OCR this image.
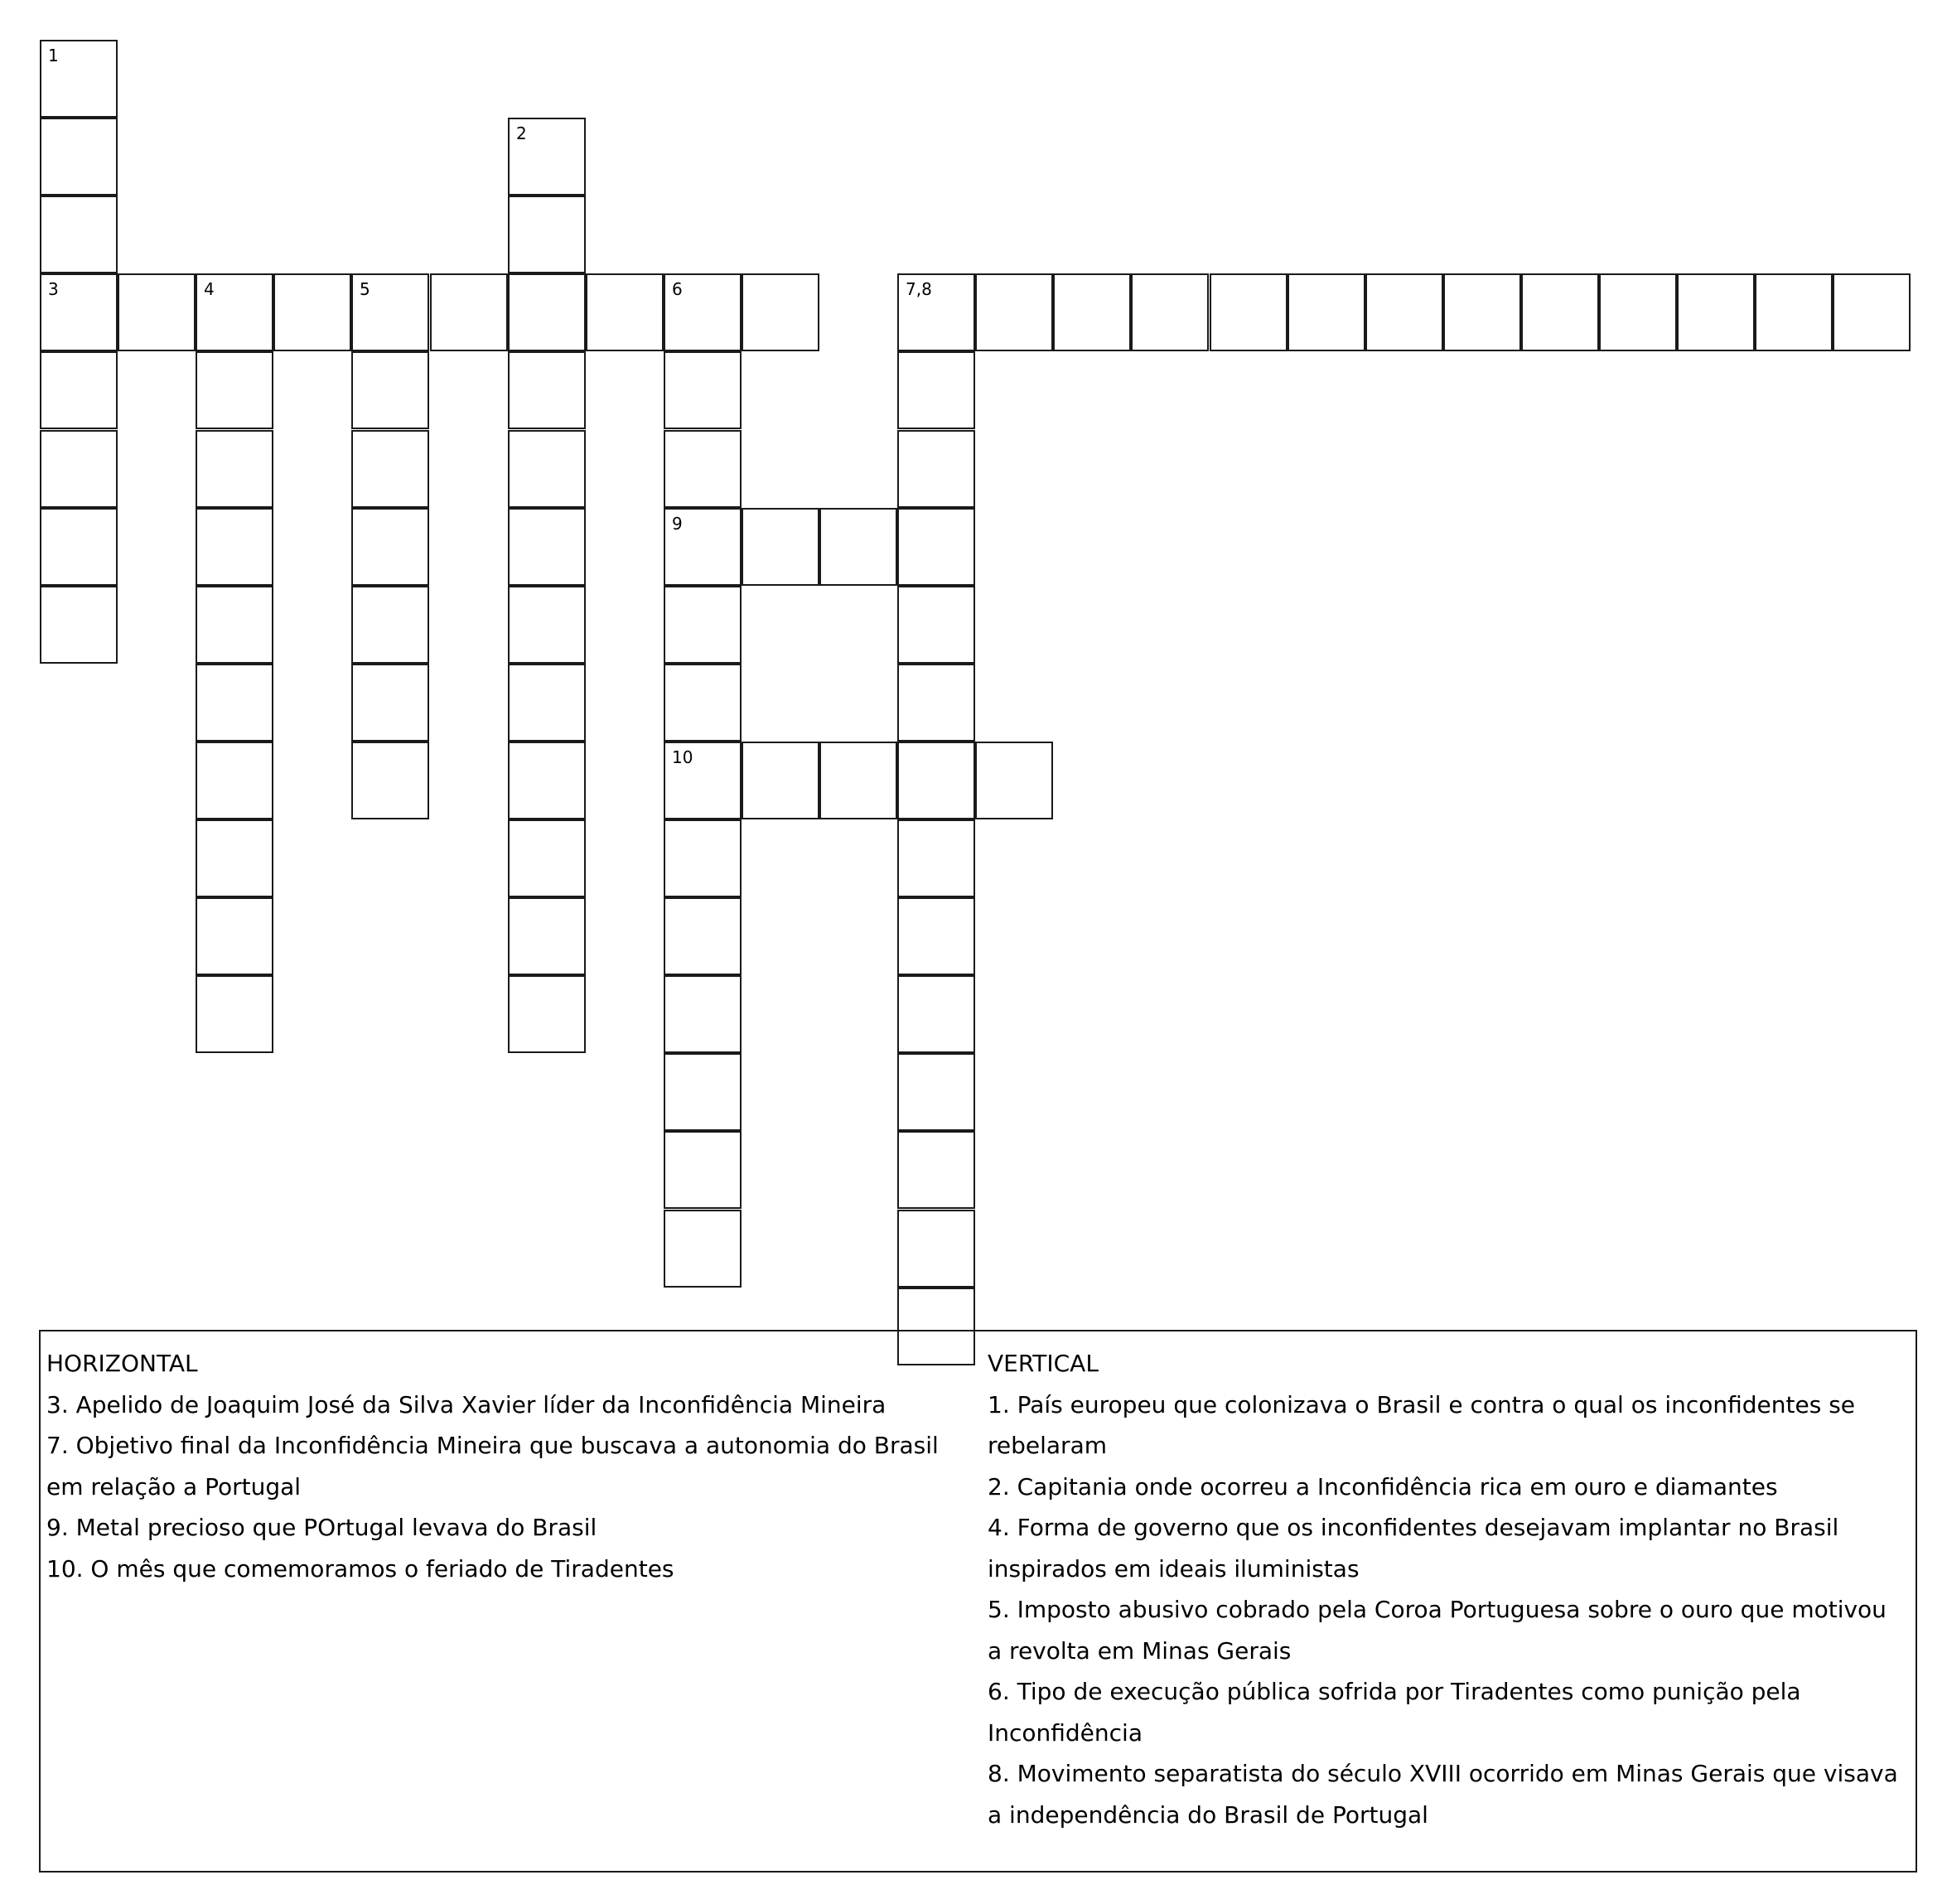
1
3
2
6
4	5
9
10
7,8
HORIZONTAL
3. Apelido de Joaquim José da Silva Xavier líder da Inconfidência Mineira
7. Objetivo final da Inconfidência Mineira que buscava a autonomia do Brasil em relação a Portugal
9. Metal precioso que POrtugal levava do Brasil
10. O mês que comemoramos o feriado de Tiradentes
VERTICAL
1. País europeu que colonizava o Brasil e contra o qual os inconfidentes se rebelaram
2. Capitania onde ocorreu a Inconfidência rica em ouro e diamantes
4. Forma de governo que os inconfidentes desejavam implantar no Brasil inspirados em ideais iluministas
5. Imposto abusivo cobrado pela Coroa Portuguesa sobre o ouro que motivou a revolta em Minas Gerais
6. Tipo de execução pública sofrida por Tiradentes como punição pela Inconfidência
8. Movimento separatista do século XVIII ocorrido em Minas Gerais que visava a independência do Brasil de Portugal
